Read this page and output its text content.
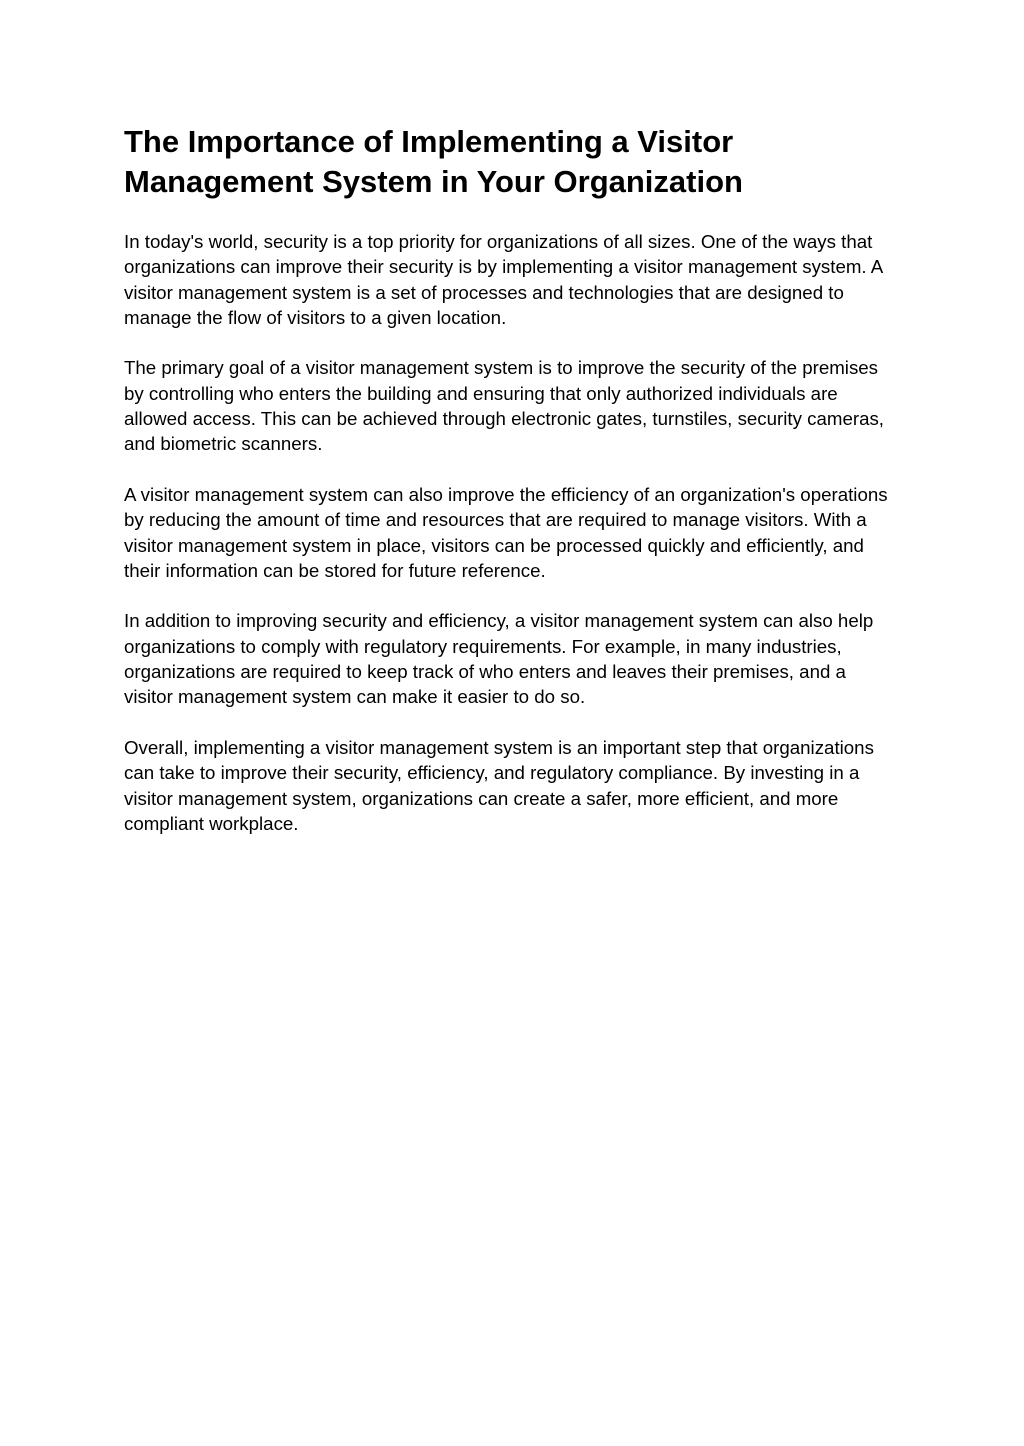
The Importance of Implementing a Visitor Management System in Your Organization

In today's world, security is a top priority for organizations of all sizes. One of the ways that organizations can improve their security is by implementing a visitor management system. A visitor management system is a set of processes and technologies that are designed to manage the flow of visitors to a given location.

The primary goal of a visitor management system is to improve the security of the premises by controlling who enters the building and ensuring that only authorized individuals are allowed access. This can be achieved through electronic gates, turnstiles, security cameras, and biometric scanners.

A visitor management system can also improve the efficiency of an organization's operations by reducing the amount of time and resources that are required to manage visitors. With a visitor management system in place, visitors can be processed quickly and efficiently, and their information can be stored for future reference.

In addition to improving security and efficiency, a visitor management system can also help organizations to comply with regulatory requirements. For example, in many industries, organizations are required to keep track of who enters and leaves their premises, and a visitor management system can make it easier to do so.

Overall, implementing a visitor management system is an important step that organizations can take to improve their security, efficiency, and regulatory compliance. By investing in a visitor management system, organizations can create a safer, more efficient, and more compliant workplace.
